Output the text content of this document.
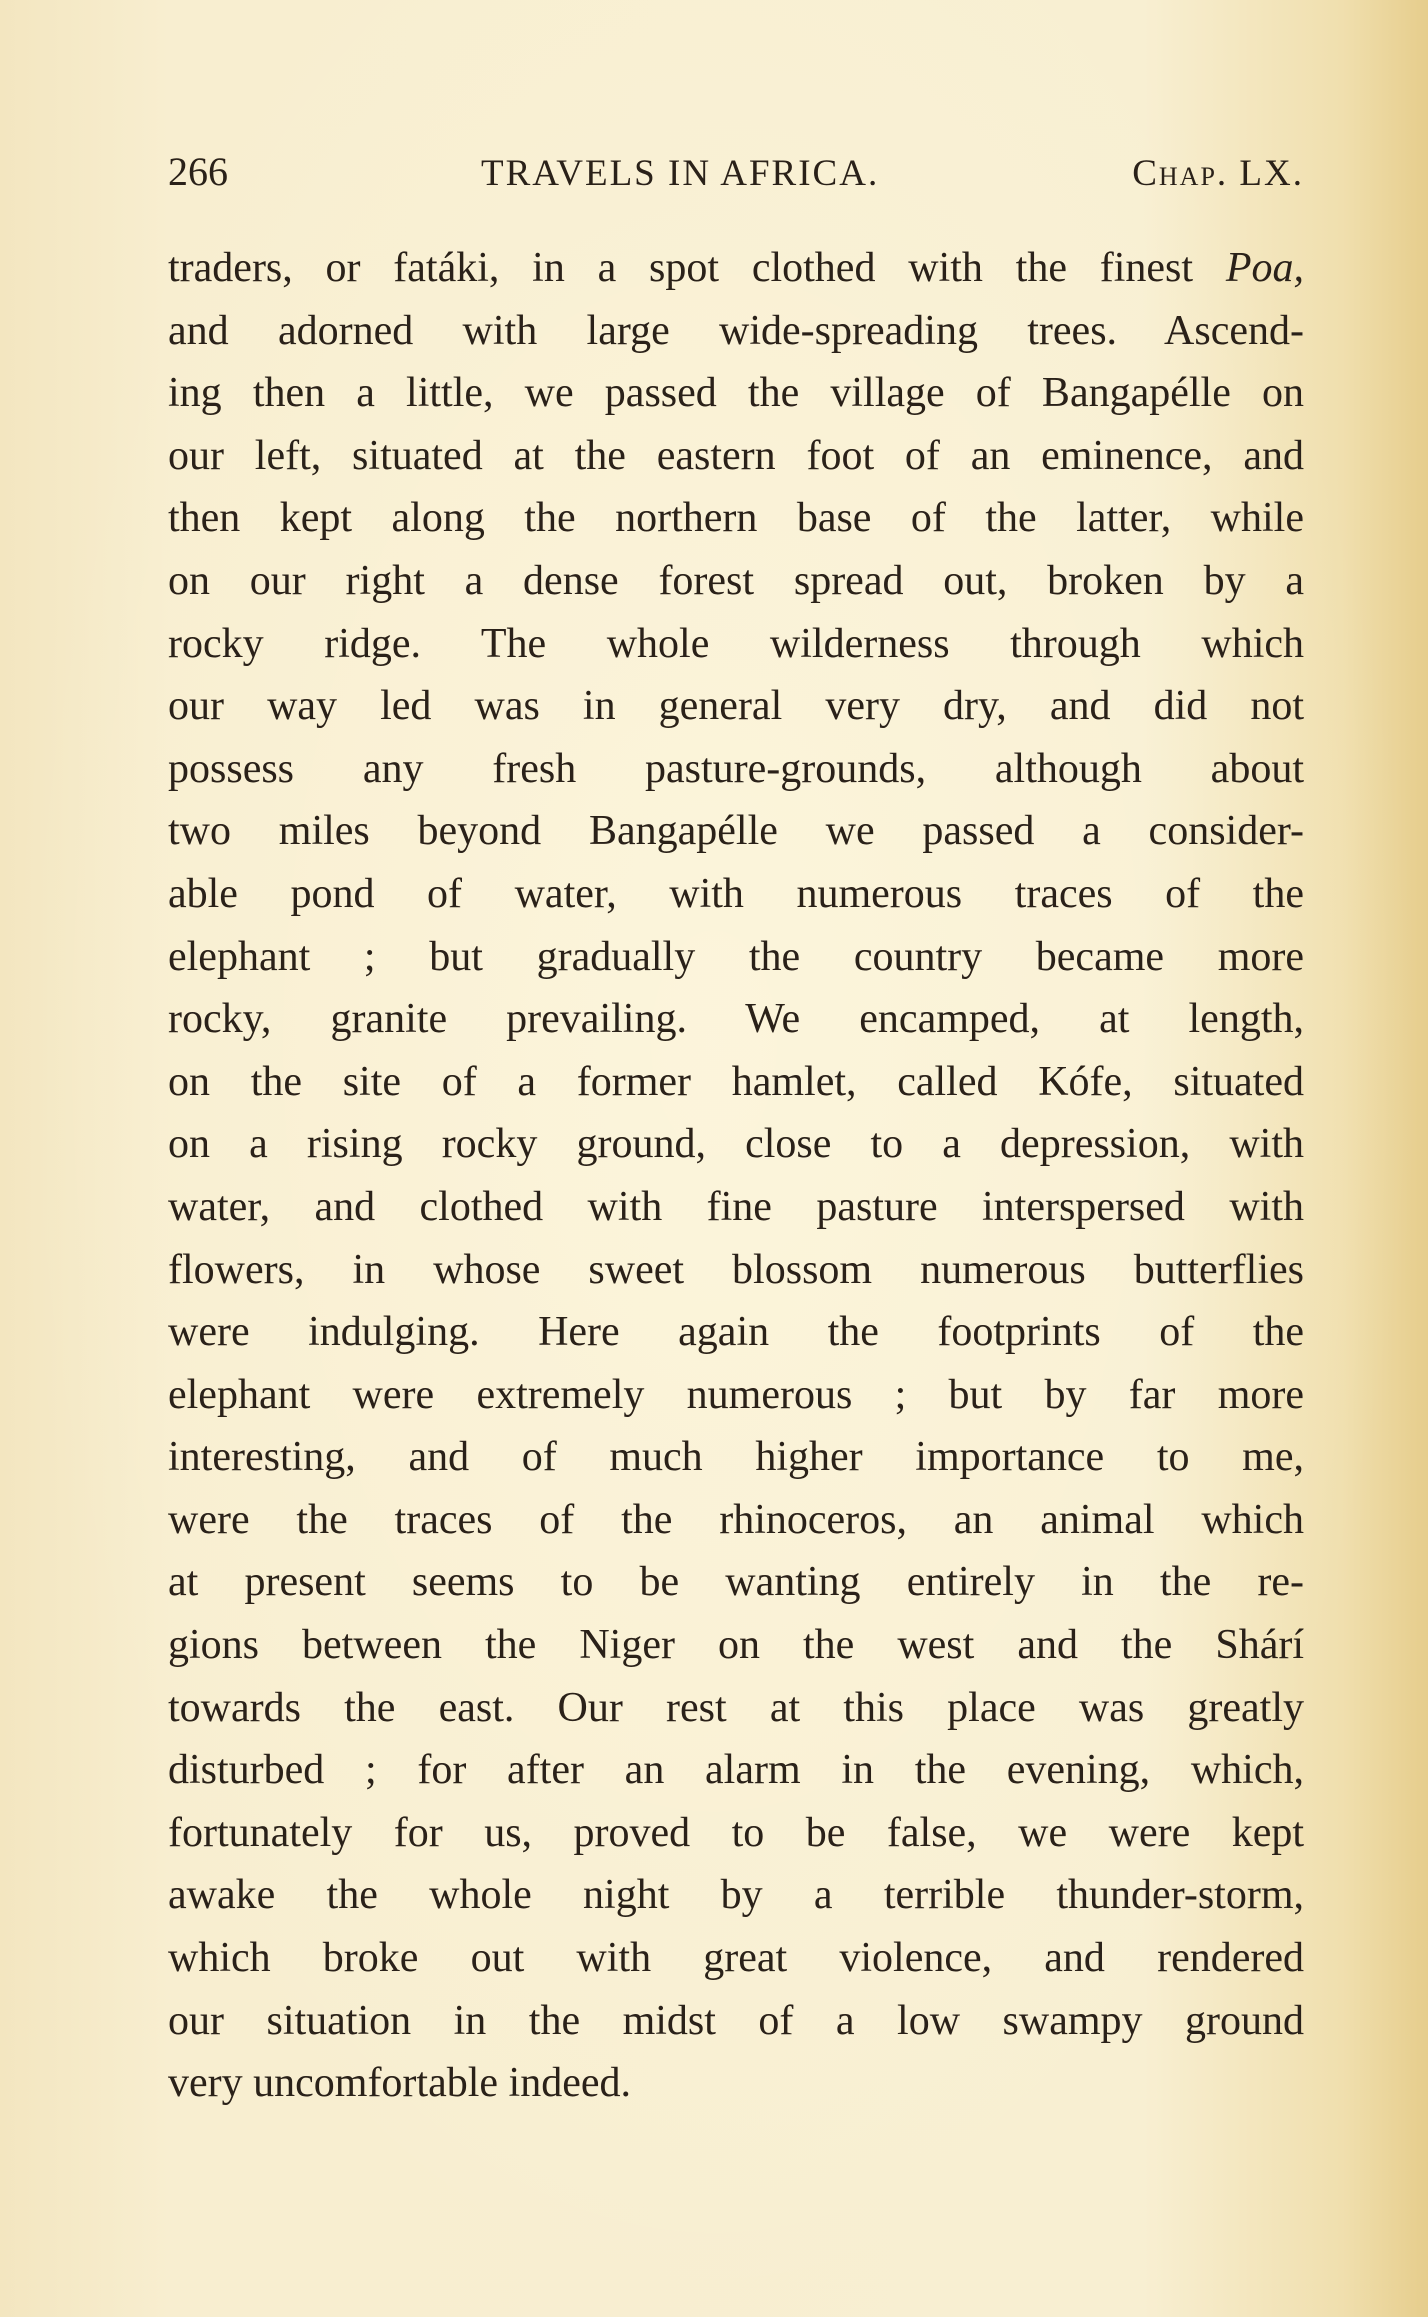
266	TRAVELS IN AFRICA.	Chap. LX.
traders, or fatáki, in a spot clothed with the finest Poa,
and adorned with large wide-spreading trees. Ascend-
ing then a little, we passed the village of Bangapélle on
our left, situated at the eastern foot of an eminence, and
then kept along the northern base of the latter, while
on our right a dense forest spread out, broken by a
rocky ridge. The whole wilderness through which
our way led was in general very dry, and did not
possess any fresh pasture-grounds, although about
two miles beyond Bangapélle we passed a consider-
able pond of water, with numerous traces of the
elephant ; but gradually the country became more
rocky, granite prevailing. We encamped, at length,
on the site of a former hamlet, called Kófe, situated
on a rising rocky ground, close to a depression, with
water, and clothed with fine pasture interspersed with
flowers, in whose sweet blossom numerous butterflies
were indulging. Here again the footprints of the
elephant were extremely numerous ; but by far more
interesting, and of much higher importance to me,
were the traces of the rhinoceros, an animal which
at present seems to be wanting entirely in the re-
gions between the Niger on the west and the Shárí
towards the east. Our rest at this place was greatly
disturbed ; for after an alarm in the evening, which,
fortunately for us, proved to be false, we were kept
awake the whole night by a terrible thunder-storm,
which broke out with great violence, and rendered
our situation in the midst of a low swampy ground
very uncomfortable indeed.
